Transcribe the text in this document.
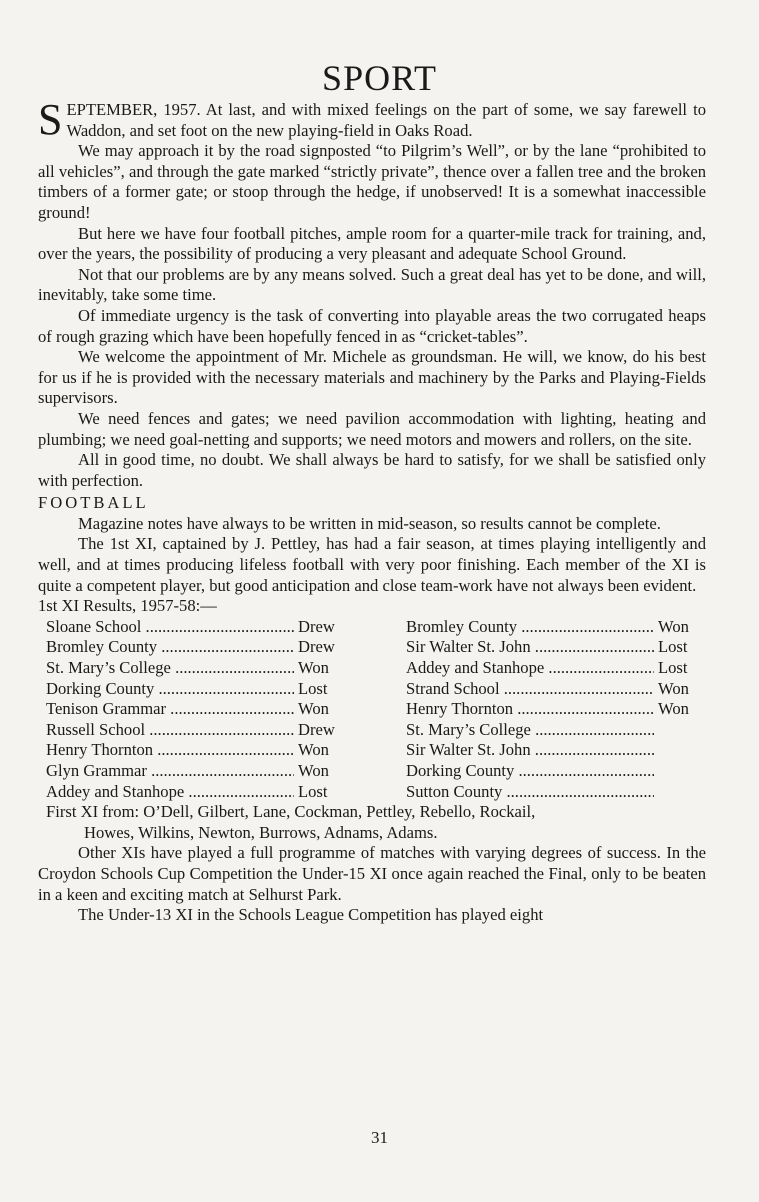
SPORT

SEPTEMBER, 1957. At last, and with mixed feelings on the part of some, we say farewell to Waddon, and set foot on the new playing-field in Oaks Road.

We may approach it by the road signposted “to Pilgrim’s Well”, or by the lane “prohibited to all vehicles”, and through the gate marked “strictly private”, thence over a fallen tree and the broken timbers of a former gate; or stoop through the hedge, if unobserved! It is a somewhat inaccessible ground!

But here we have four football pitches, ample room for a quarter-mile track for training, and, over the years, the possibility of producing a very pleasant and adequate School Ground.

Not that our problems are by any means solved. Such a great deal has yet to be done, and will, inevitably, take some time.

Of immediate urgency is the task of converting into playable areas the two corrugated heaps of rough grazing which have been hopefully fenced in as “cricket-tables”.

We welcome the appointment of Mr. Michele as groundsman. He will, we know, do his best for us if he is provided with the necessary materials and machinery by the Parks and Playing-Fields supervisors.

We need fences and gates; we need pavilion accommodation with lighting, heating and plumbing; we need goal-netting and supports; we need motors and mowers and rollers, on the site.

All in good time, no doubt. We shall always be hard to satisfy, for we shall be satisfied only with perfection.

FOOTBALL

Magazine notes have always to be written in mid-season, so results cannot be complete.

The 1st XI, captained by J. Pettley, has had a fair season, at times playing intelligently and well, and at times producing lifeless football with very poor finishing. Each member of the XI is quite a competent player, but good anticipation and close team-work have not always been evident.

1st XI Results, 1957-58:—

Sloane School .....	Drew
Bromley County .....	Drew
St. Mary’s College .....	Won
Dorking County .....	Lost
Tenison Grammar .....	Won
Russell School .....	Drew
Henry Thornton .....	Won
Glyn Grammar .....	Won
Addey and Stanhope .....	Lost
Bromley County .....	Won
Sir Walter St. John .....	Lost
Addey and Stanhope .....	Lost
Strand School .....	Won
Henry Thornton .....	Won
St. Mary’s College .....
Sir Walter St. John .....
Dorking County .....
Sutton County .....

First XI from: O’Dell, Gilbert, Lane, Cockman, Pettley, Rebello, Rockail,
Howes, Wilkins, Newton, Burrows, Adnams, Adams.

Other XIs have played a full programme of matches with varying degrees of success. In the Croydon Schools Cup Competition the Under-15 XI once again reached the Final, only to be beaten in a keen and exciting match at Selhurst Park.

The Under-13 XI in the Schools League Competition has played eight

31
